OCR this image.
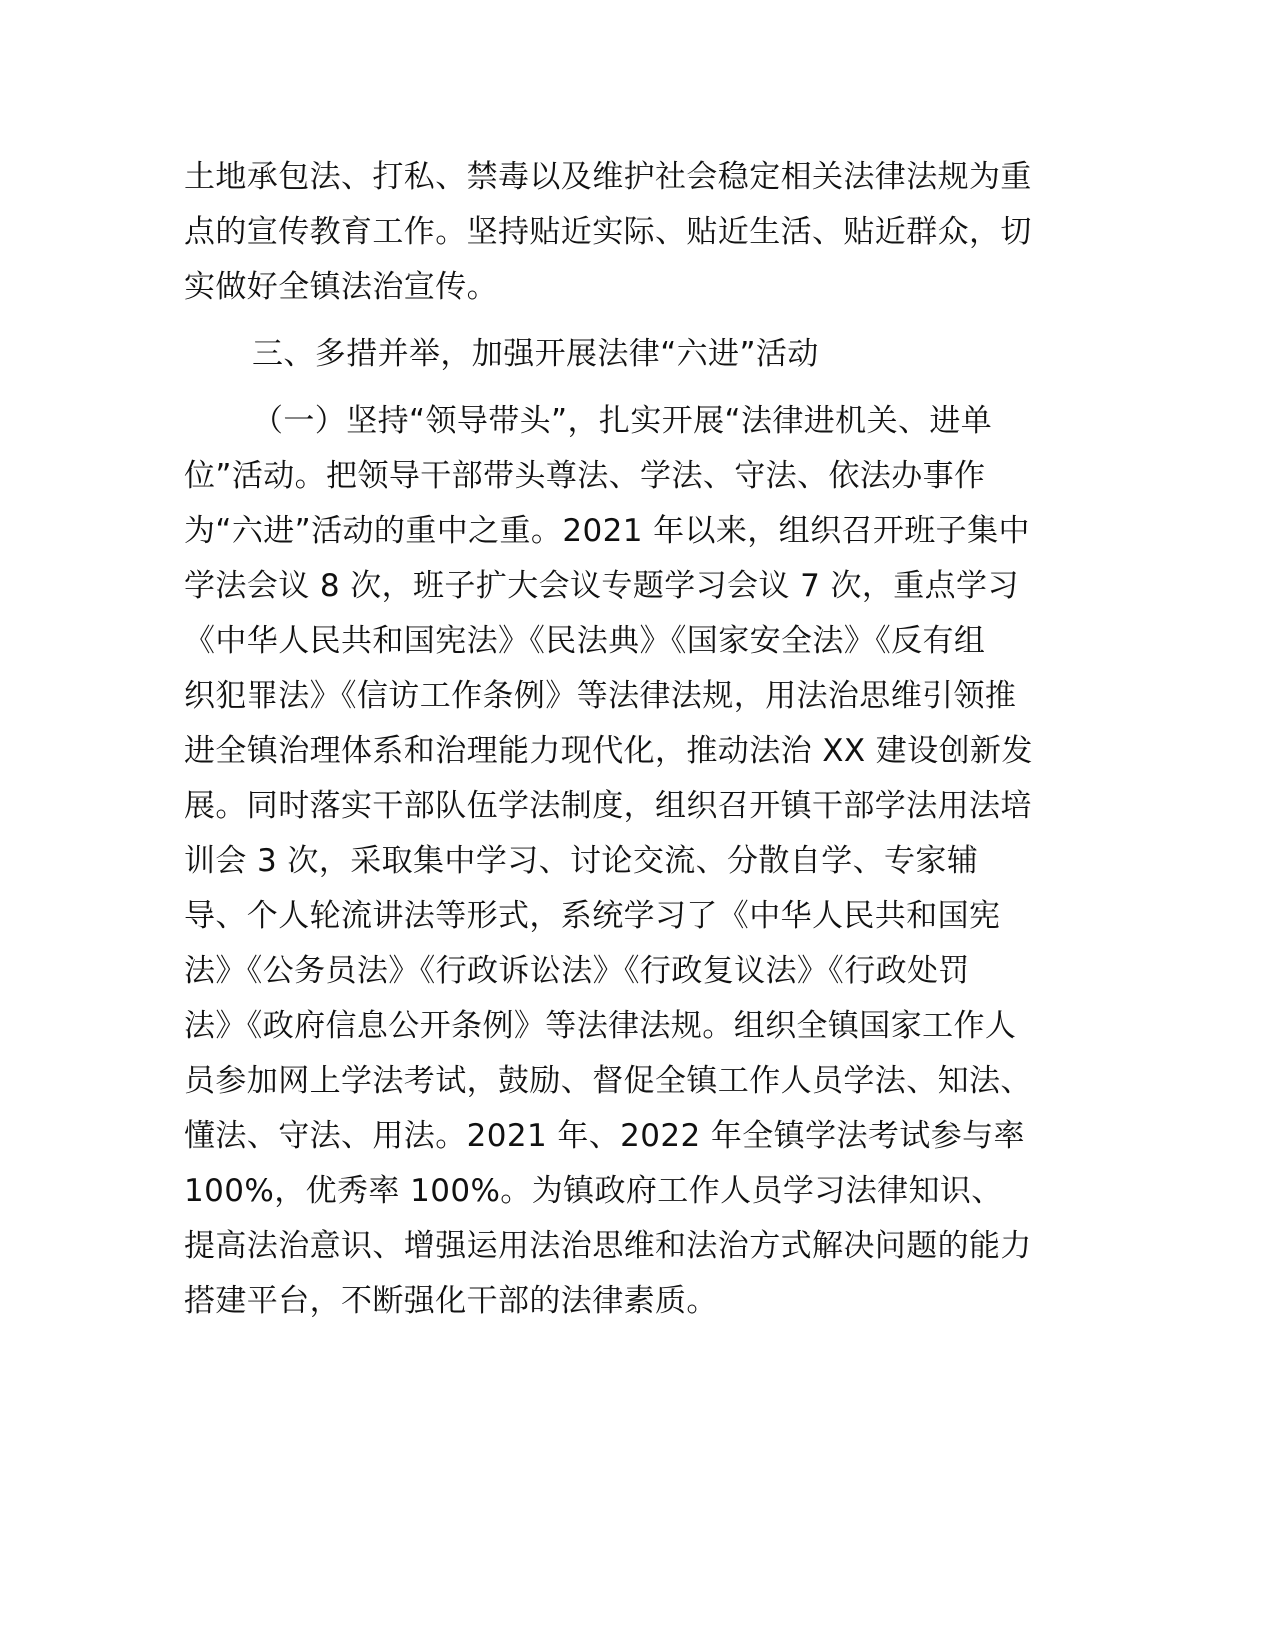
土地承包法、打私、禁毒以及维护社会稳定相关法律法规为重

点的宣传教育工作。坚持贴近实际、贴近生活、贴近群众，切

实做好全镇法治宣传。

三、多措并举，加强开展法律“六进”活动

（一）坚持“领导带头”，扎实开展“法律进机关、进单

位”活动。把领导干部带头尊法、学法、守法、依法办事作

为“六进”活动的重中之重。2021 年以来，组织召开班子集中

学法会议 8 次，班子扩大会议专题学习会议 7 次，重点学习

《中华人民共和国宪法》《民法典》《国家安全法》《反有组

织犯罪法》《信访工作条例》等法律法规，用法治思维引领推

进全镇治理体系和治理能力现代化，推动法治 XX 建设创新发

展。同时落实干部队伍学法制度，组织召开镇干部学法用法培

训会 3 次，采取集中学习、讨论交流、分散自学、专家辅

导、个人轮流讲法等形式，系统学习了《中华人民共和国宪

法》《公务员法》《行政诉讼法》《行政复议法》《行政处罚

法》《政府信息公开条例》等法律法规。组织全镇国家工作人

员参加网上学法考试，鼓励、督促全镇工作人员学法、知法、

懂法、守法、用法。2021 年、2022 年全镇学法考试参与率

100%，优秀率 100%。为镇政府工作人员学习法律知识、

提高法治意识、增强运用法治思维和法治方式解决问题的能力

搭建平台，不断强化干部的法律素质。
